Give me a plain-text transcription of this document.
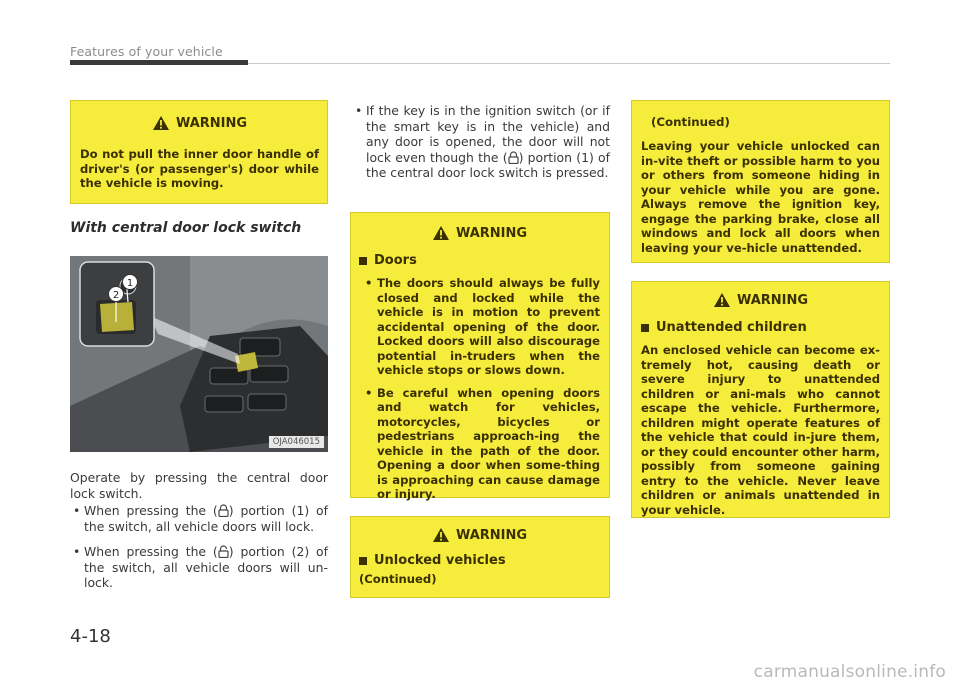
Features of your vehicle
WARNING
Do not pull the inner door handle of driver's (or passenger's) door while the vehicle is moving.
With central door lock switch
1
2
OJA046015
Operate by pressing the central door lock switch.
• When pressing the ( ) portion (1) of the switch, all vehicle doors will lock.
• When pressing the ( ) portion (2) of the switch, all vehicle doors will un-lock.
• If the key is in the ignition switch (or if the smart key is in the vehicle) and any door is opened, the door will not lock even though the ( ) portion (1) of the central door lock switch is pressed.
WARNING
Doors
• The doors should always be fully closed and locked while the vehicle is in motion to prevent accidental opening of the door. Locked doors will also discourage potential in-truders when the vehicle stops or slows down.
• Be careful when opening doors and watch for vehicles, motorcycles, bicycles or pedestrians approach-ing the vehicle in the path of the door. Opening a door when some-thing is approaching can cause damage or injury.
WARNING
Unlocked vehicles
(Continued)
(Continued)
Leaving your vehicle unlocked can in-vite theft or possible harm to you or others from someone hiding in your vehicle while you are gone. Always remove the ignition key, engage the parking brake, close all windows and lock all doors when leaving your ve-hicle unattended.
WARNING
Unattended children
An enclosed vehicle can become ex-tremely hot, causing death or severe injury to unattended children or ani-mals who cannot escape the vehicle. Furthermore, children might operate features of the vehicle that could in-jure them, or they could encounter other harm, possibly from someone gaining entry to the vehicle. Never leave children or animals unattended in your vehicle.
4-18
carmanualsonline.info
